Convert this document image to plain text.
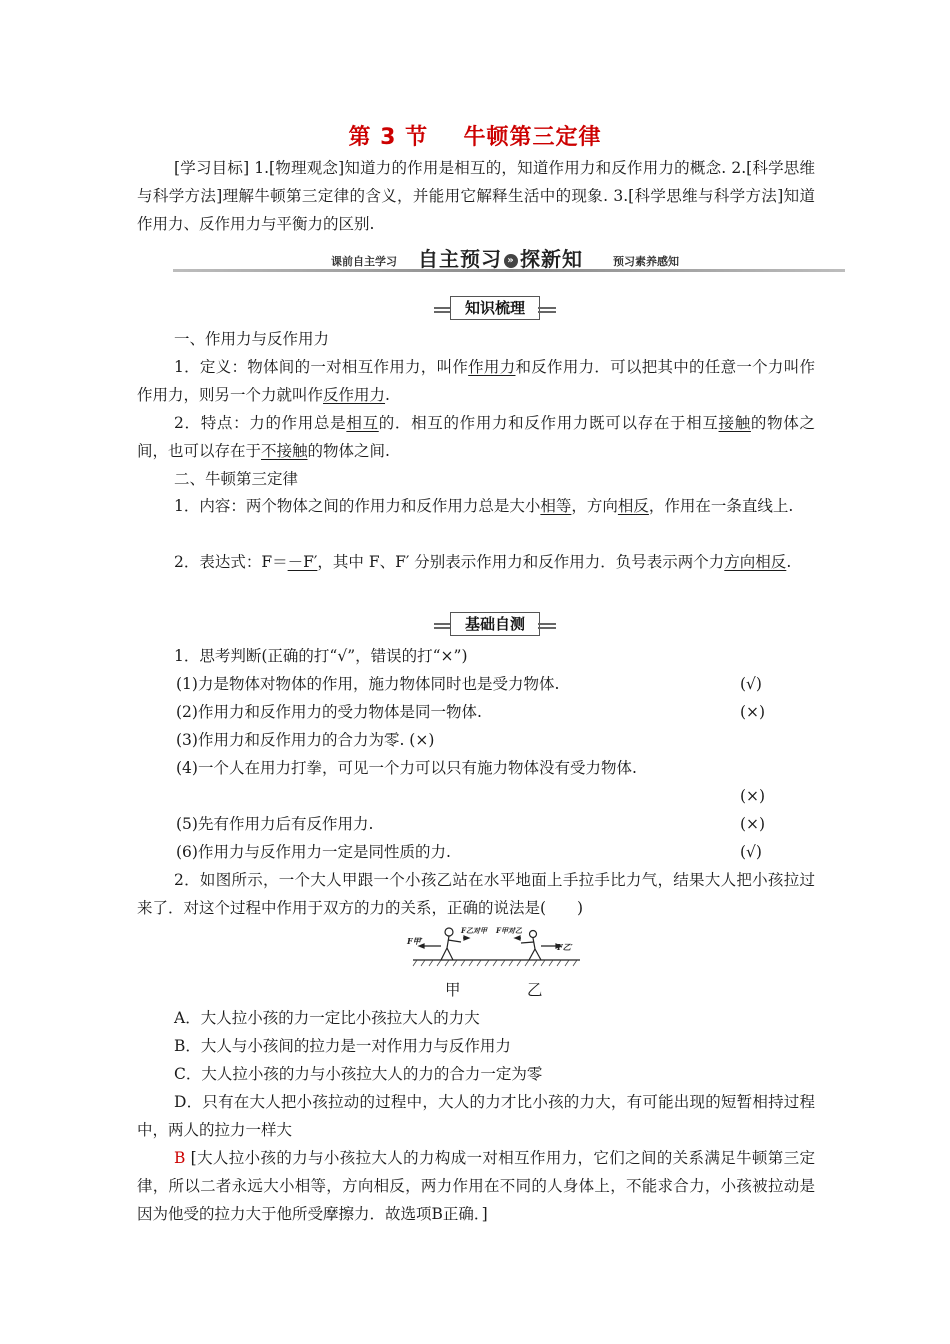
第 3 节 牛顿第三定律
[学习目标] 1.[物理观念]知道力的作用是相互的，知道作用力和反作用力的概念. 2.[科学思维与科学方法]理解牛顿第三定律的含义，并能用它解释生活中的现象. 3.[科学思维与科学方法]知道作用力、反作用力与平衡力的区别.
课前自主学习 自主预习 » 探新知	预习素养感知
知识梳理
一、作用力与反作用力
1．定义：物体间的一对相互作用力，叫作作用力和反作用力．可以把其中的任意一个力叫作作用力，则另一个力就叫作反作用力.
2．特点：力的作用总是相互的．相互的作用力和反作用力既可以存在于相互接触的物体之间，也可以存在于不接触的物体之间.
二、牛顿第三定律
1．内容：两个物体之间的作用力和反作用力总是大小相等，方向相反，作用在一条直线上.
2．表达式：F＝－F′，其中 F、F′ 分别表示作用力和反作用力．负号表示两个力方向相反.
基础自测
1．思考判断(正确的打“√”，错误的打“×”)
(1)力是物体对物体的作用，施力物体同时也是受力物体.	(√)
(2)作用力和反作用力的受力物体是同一物体.	(×)
(3)作用力和反作用力的合力为零. (×)
(4)一个人在用力打拳，可见一个力可以只有施力物体没有受力物体.
(×)
(5)先有作用力后有反作用力.	(×)
(6)作用力与反作用力一定是同性质的力.	(√)
2．如图所示，一个大人甲跟一个小孩乙站在水平地面上手拉手比力气，结果大人把小孩拉过来了．对这个过程中作用于双方的力的关系，正确的说法是(　　)
F甲′
F乙对甲 F甲对乙
F乙′
甲	乙
A．大人拉小孩的力一定比小孩拉大人的力大
B．大人与小孩间的拉力是一对作用力与反作用力
C．大人拉小孩的力与小孩拉大人的力的合力一定为零
D．只有在大人把小孩拉动的过程中，大人的力才比小孩的力大，有可能出现的短暂相持过程中，两人的拉力一样大
B [大人拉小孩的力与小孩拉大人的力构成一对相互作用力，它们之间的关系满足牛顿第三定律，所以二者永远大小相等，方向相反，两力作用在不同的人身体上，不能求合力，小孩被拉动是因为他受的拉力大于他所受摩擦力．故选项B正确．]
